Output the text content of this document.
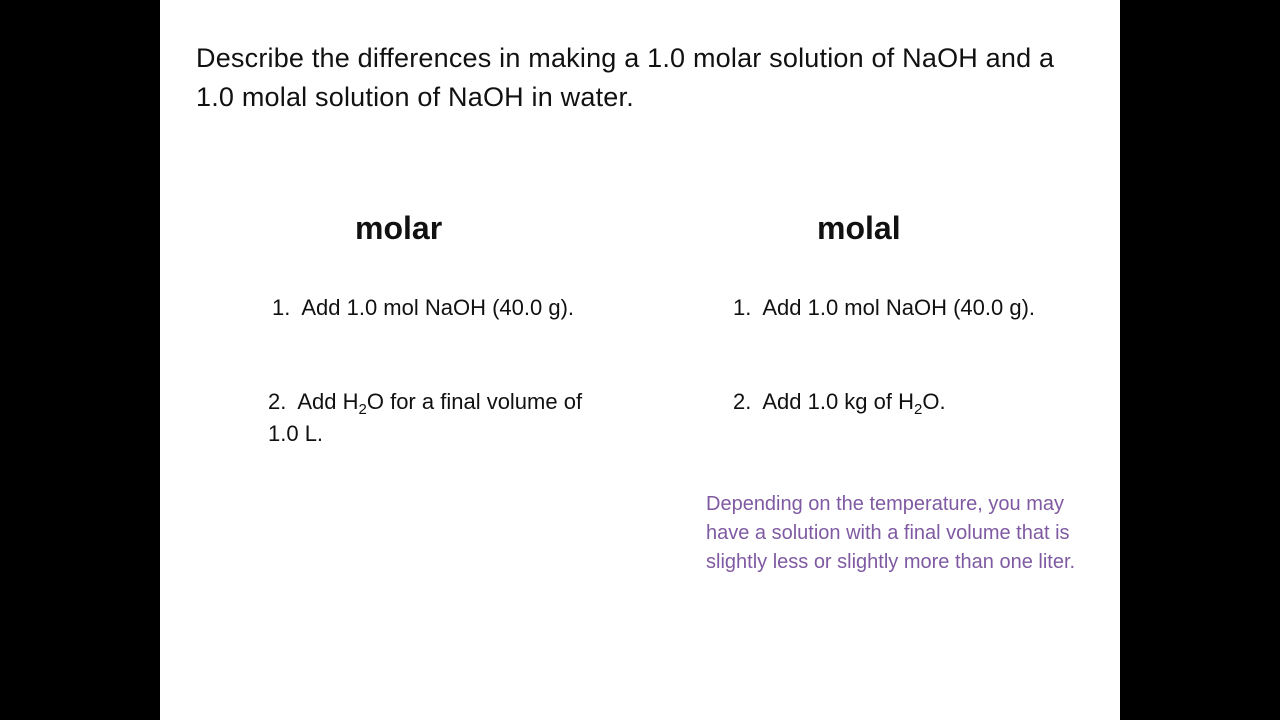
Describe the differences in making a 1.0 molar solution of NaOH and a 1.0 molal solution of NaOH in water.
molar	molal
1.  Add 1.0 mol NaOH (40.0 g).
2.  Add $H_2O$ for a final volume of 1.0 L.
1.  Add 1.0 mol NaOH (40.0 g).
2.  Add 1.0 kg of $H_2O$.
Depending on the temperature, you may have a solution with a final volume that is slightly less or slightly more than one liter.
